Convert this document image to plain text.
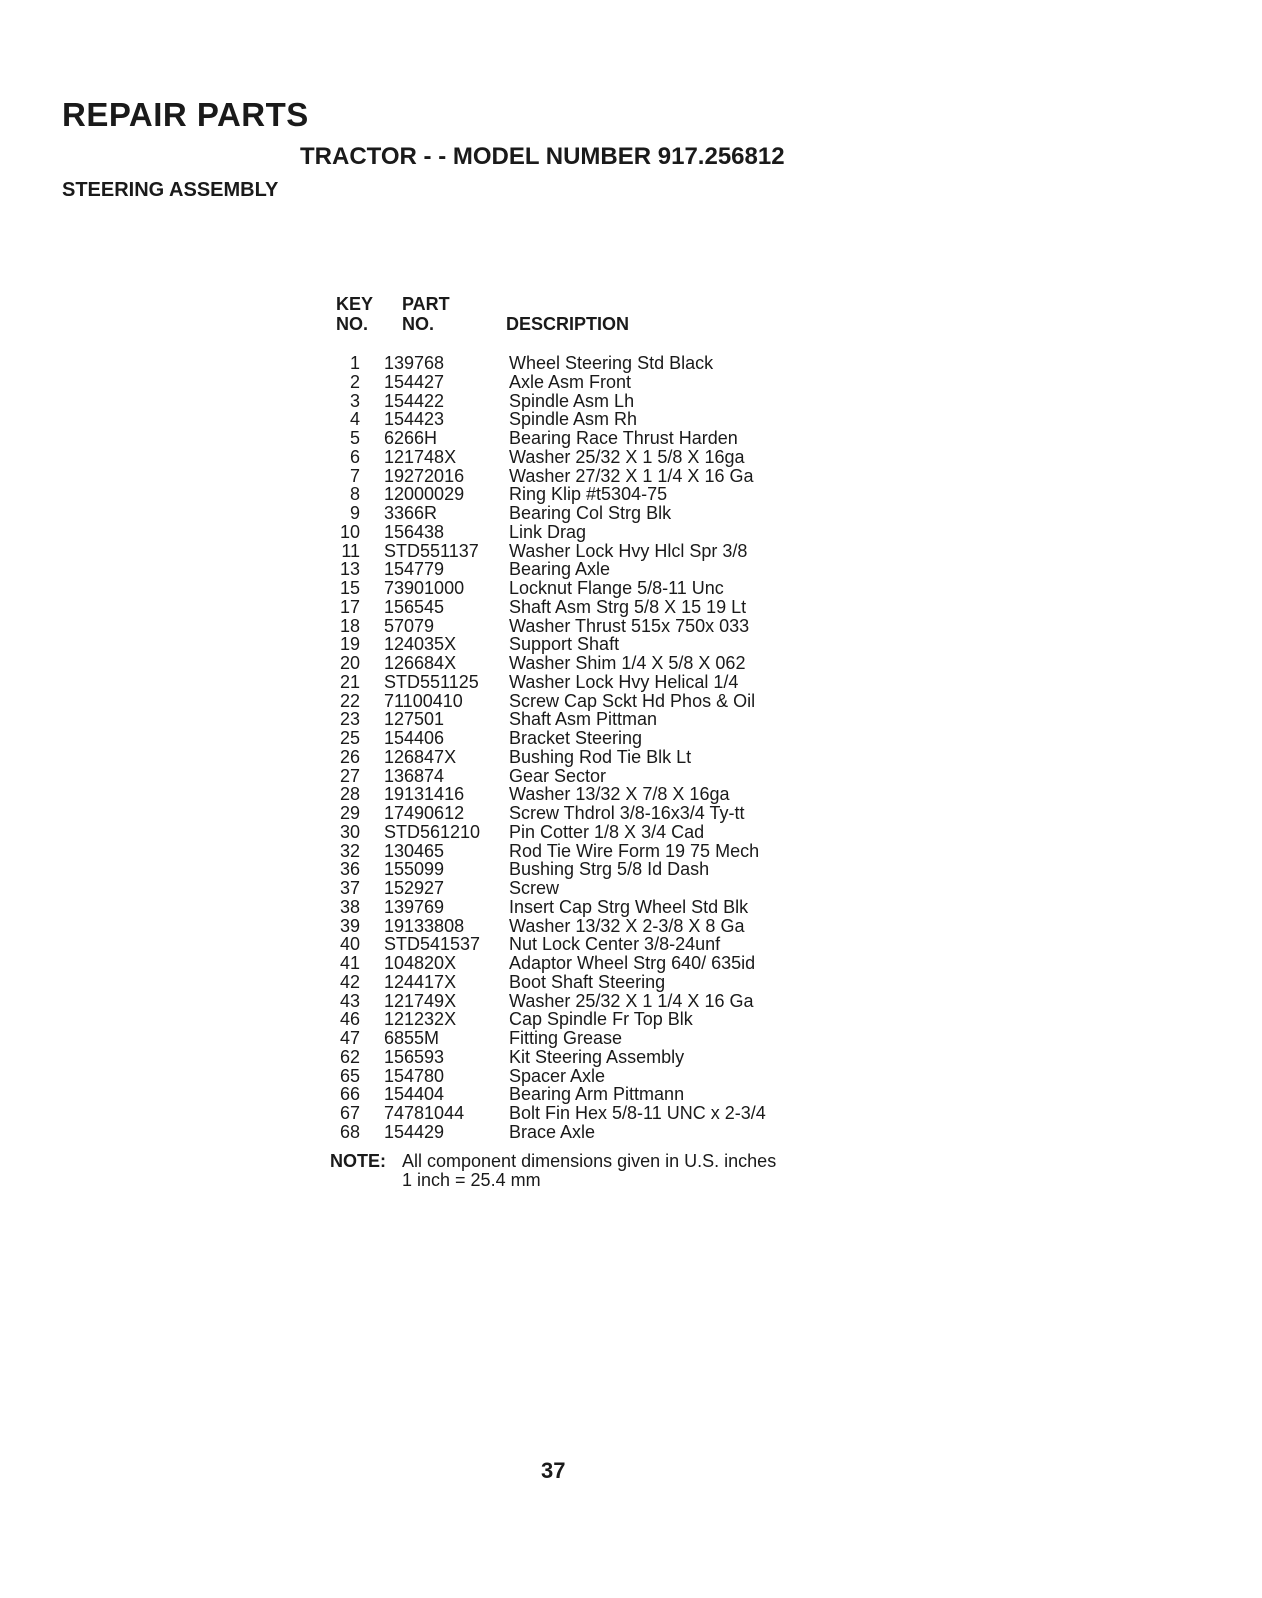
REPAIR PARTS
TRACTOR - - MODEL NUMBER 917.256812
STEERING ASSEMBLY
KEY
NO.
PART
NO.	DESCRIPTION
1 139768	Wheel Steering Std Black
2 154427	Axle Asm Front
3 154422	Spindle Asm Lh
4 154423	Spindle Asm Rh
5 6266H	Bearing Race Thrust Harden
6 121748X	Washer 25/32 X 1 5/8 X 16ga
7 19272016 Washer 27/32 X 1 1/4 X 16 Ga
8 12000029 Ring Klip #t5304-75
9 3366R	Bearing Col Strg Blk
10 156438	Link Drag
11 STD551137 Washer Lock Hvy Hlcl Spr 3/8
13 154779	Bearing Axle
15 73901000 Locknut Flange 5/8-11 Unc
17 156545	Shaft Asm Strg 5/8 X 15 19 Lt
18 57079	Washer Thrust 515x 750x 033
19 124035X	Support Shaft
20 126684X	Washer Shim 1/4 X 5/8 X 062
21 STD551125 Washer Lock Hvy Helical 1/4
22 71100410	Screw Cap Sckt Hd Phos & Oil
23 127501	Shaft Asm Pittman
25 154406	Bracket Steering
26 126847X	Bushing Rod Tie Blk Lt
27 136874	Gear Sector
28 19131416 Washer 13/32 X 7/8 X 16ga
29 17490612 Screw Thdrol 3/8-16x3/4 Ty-tt
30 STD561210 Pin Cotter 1/8 X 3/4 Cad
32 130465	Rod Tie Wire Form 19 75 Mech
36 155099	Bushing Strg 5/8 Id Dash
37 152927	Screw
38 139769	Insert Cap Strg Wheel Std Blk
39 19133808 Washer 13/32 X 2-3/8 X 8 Ga
40 STD541537 Nut Lock Center 3/8-24unf
41 104820X	Adaptor Wheel Strg 640/ 635id
42 124417X	Boot Shaft Steering
43 121749X	Washer 25/32 X 1 1/4 X 16 Ga
46 121232X	Cap Spindle Fr Top Blk
47 6855M	Fitting Grease
62 156593	Kit Steering Assembly
65 154780	Spacer Axle
66 154404	Bearing Arm Pittmann
67 74781044 Bolt Fin Hex 5/8-11 UNC x 2-3/4
68 154429	Brace Axle
NOTE: All component dimensions given in U.S. inches
1 inch = 25.4 mm
37
